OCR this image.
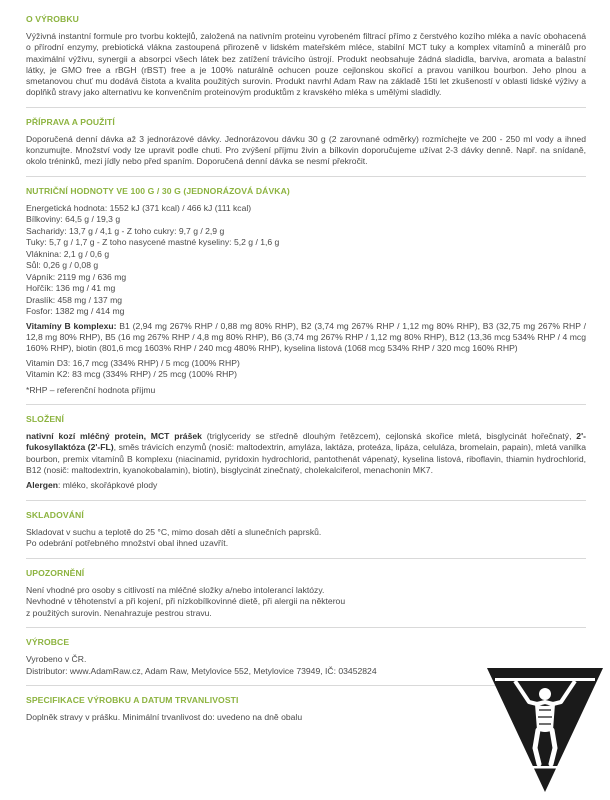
O VÝROBKU

Výživná instantní formule pro tvorbu koktejlů, založená na nativním proteinu vyrobeném filtrací přímo z čerstvého kozího mléka a navíc obohacená o přírodní enzymy, prebiotická vlákna zastoupená přirozeně v lidském mateřském mléce, stabilní MCT tuky a komplex vitamínů a minerálů pro maximální výživu, synergii a absorpci všech látek bez zatížení trávicího ústrojí. Produkt neobsahuje žádná sladidla, barviva, aromata a balastní látky, je GMO free a rBGH (rBST) free a je 100% naturálně ochucen pouze cejlonskou skořicí a pravou vanilkou bourbon. Jeho plnou a smetanovou chuť mu dodává čistota a kvalita použitých surovin. Produkt navrhl Adam Raw na základě 15ti let zkušeností v oblasti lidské výživy a doplňků stravy jako alternativu ke konvenčním proteinovým produktům z kravského mléka s umělými sladidly.

PŘÍPRAVA A POUŽITÍ

Doporučená denní dávka až 3 jednorázové dávky. Jednorázovou dávku 30 g (2 zarovnané odměrky) rozmíchejte ve 200 - 250 ml vody a ihned konzumujte. Množství vody lze upravit podle chuti. Pro zvýšení příjmu živin a bílkovin doporučujeme užívat 2-3 dávky denně. Např. na snídaně, okolo tréninků, mezi jídly nebo před spaním. Doporučená denní dávka se nesmí překročit.

NUTRIČNÍ HODNOTY VE 100 G / 30 G (JEDNORÁZOVÁ DÁVKA)

Energetická hodnota: 1552 kJ (371 kcal) / 466 kJ (111 kcal)

Bílkoviny: 64,5 g / 19,3 g

Sacharidy: 13,7 g / 4,1 g - Z toho cukry: 9,7 g / 2,9 g

Tuky: 5,7 g / 1,7 g - Z toho nasycené mastné kyseliny: 5,2 g / 1,6 g

Vláknina: 2,1 g / 0,6 g

Sůl: 0,26 g / 0,08 g

Vápník: 2119 mg / 636 mg

Hořčík: 136 mg / 41 mg

Draslík: 458 mg / 137 mg

Fosfor: 1382 mg / 414 mg

Vitamíny B komplexu: B1 (2,94 mg 267% RHP / 0,88 mg 80% RHP), B2 (3,74 mg 267% RHP / 1,12 mg 80% RHP), B3 (32,75 mg 267% RHP / 12,8 mg 80% RHP), B5 (16 mg 267% RHP / 4,8 mg 80% RHP), B6 (3,74 mg 267% RHP / 1,12 mg 80% RHP), B12 (13,36 mcg 534% RHP / 4 mcg 160% RHP), biotin (801,6 mcg 1603% RHP / 240 mcg 480% RHP), kyselina listová (1068 mcg 534% RHP / 320 mcg 160% RHP)

Vitamin D3: 16,7 mcg (334% RHP) / 5 mcg (100% RHP)

Vitamin K2: 83 mcg (334% RHP) / 25 mcg (100% RHP)

*RHP – referenční hodnota příjmu

SLOŽENÍ

nativní kozí mléčný protein, MCT prášek (triglyceridy se středně dlouhým řetězcem), cejlonská skořice mletá, bisglycinát hořečnatý, 2'-fukosyllaktóza (2'-FL), směs trávicích enzymů (nosič: maltodextrin, amyláza, laktáza, proteáza, lipáza, celuláza, bromelain, papain), mletá vanilka bourbon, premix vitamínů B komplexu (niacinamid, pyridoxin hydrochlorid, pantothenát vápenatý, kyselina listová, riboflavin, thiamin hydrochlorid, B12 (nosič: maltodextrin, kyanokobalamin), biotin), bisglycinát zinečnatý, cholekalciferol, menachonin MK7.

Alergen: mléko, skořápkové plody

SKLADOVÁNÍ

Skladovat v suchu a teplotě do 25 °C, mimo dosah dětí a slunečních paprsků.

Po odebrání potřebného množství obal ihned uzavřít.

UPOZORNĚNÍ

Není vhodné pro osoby s citlivostí na mléčné složky a/nebo intolerancí laktózy.

Nevhodné v těhotenství a při kojení, při nízkobílkovinné dietě, při alergii na některou

z použitých surovin. Nenahrazuje pestrou stravu.

VÝROBCE

Vyrobeno v ČR.

Distributor: www.AdamRaw.cz, Adam Raw, Metylovice 552, Metylovice 73949, IČ: 03452824

SPECIFIKACE VÝROBKU A DATUM TRVANLIVOSTI

Doplněk stravy v prášku. Minimální trvanlivost do: uvedeno na dně obalu
